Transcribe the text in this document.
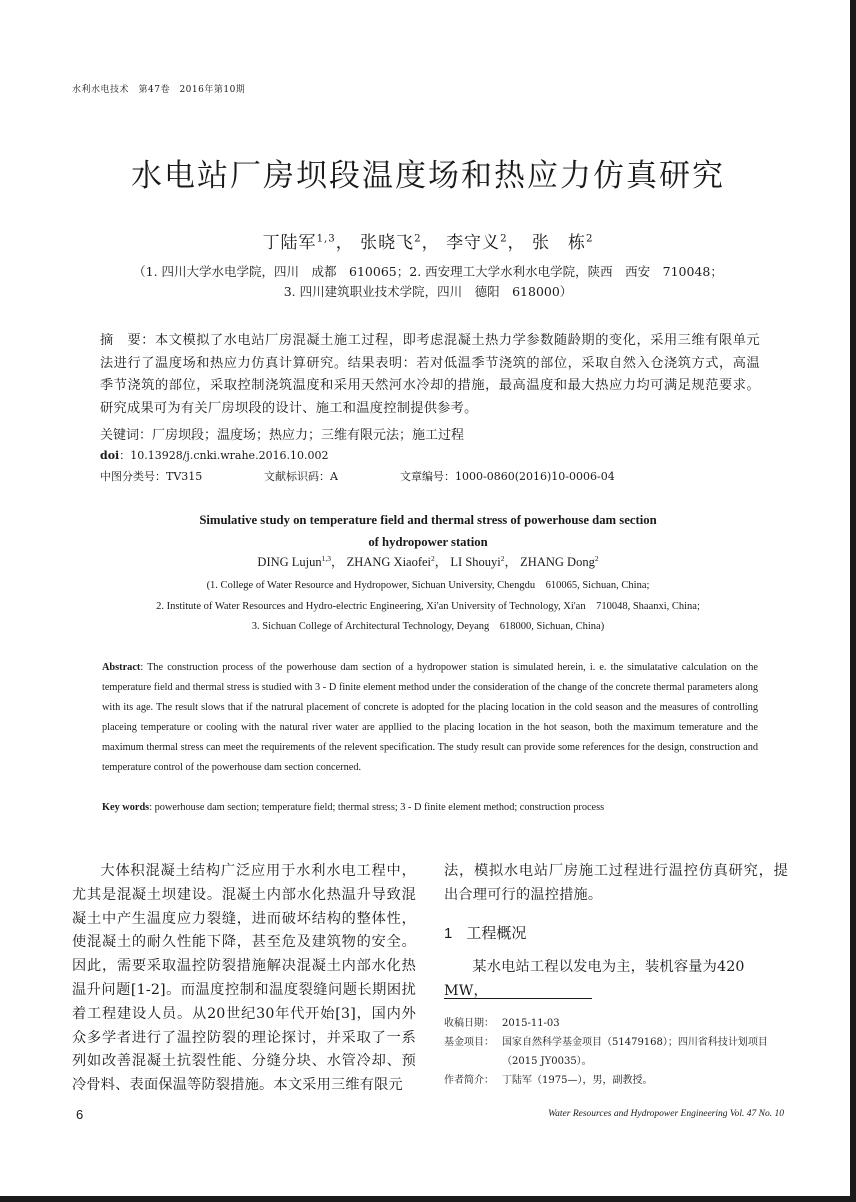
水利水电技术　第47卷　2016年第10期
水电站厂房坝段温度场和热应力仿真研究
丁陆军$^{1,3}$， 张晓飞$^2$， 李守义$^2$， 张　栋$^2$
（1. 四川大学水电学院，四川　成都　610065；2. 西安理工大学水利水电学院，陕西　西安　710048；
3. 四川建筑职业技术学院，四川　德阳　618000）
摘　要：本文模拟了水电站厂房混凝土施工过程，即考虑混凝土热力学参数随龄期的变化，采用三维有限单元法进行了温度场和热应力仿真计算研究。结果表明：若对低温季节浇筑的部位，采取自然入仓浇筑方式，高温季节浇筑的部位，采取控制浇筑温度和采用天然河水冷却的措施，最高温度和最大热应力均可满足规范要求。研究成果可为有关厂房坝段的设计、施工和温度控制提供参考。
关键词：厂房坝段；温度场；热应力；三维有限元法；施工过程
doi：10.13928/j.cnki.wrahe.2016.10.002
中图分类号：TV315	文献标识码：A	文章编号：1000-0860(2016)10-0006-04
Simulative study on temperature field and thermal stress of powerhouse dam section
of hydropower station
DING Lujun$^{1,3}$， ZHANG Xiaofei$^2$， LI Shouyi$^2$， ZHANG Dong$^2$
(1. College of Water Resource and Hydropower, Sichuan University, Chengdu　610065, Sichuan, China;
2. Institute of Water Resources and Hydro-electric Engineering, Xi'an University of Technology, Xi'an　710048, Shaanxi, China;
3. Sichuan College of Architectural Technology, Deyang　618000, Sichuan, China)
Abstract: The construction process of the powerhouse dam section of a hydropower station is simulated herein, i. e. the simulatative calculation on the temperature field and thermal stress is studied with 3 - D finite element method under the consideration of the change of the concrete thermal parameters along with its age. The result slows that if the natrural placement of concrete is adopted for the placing location in the cold season and the measures of controlling placeing temperature or cooling with the natural river water are appllied to the placing location in the hot season, both the maximum temerature and the maximum thermal stress can meet the requirements of the relevent specification. The study result can provide some references for the design, construction and temperature control of the powerhouse dam section concerned.
Key words: powerhouse dam section; temperature field; thermal stress; 3 - D finite element method; construction process
大体积混凝土结构广泛应用于水利水电工程中，尤其是混凝土坝建设。混凝土内部水化热温升导致混凝土中产生温度应力裂缝，进而破坏结构的整体性，使混凝土的耐久性能下降，甚至危及建筑物的安全。因此，需要采取温控防裂措施解决混凝土内部水化热温升问题[1-2]。而温度控制和温度裂缝问题长期困扰着工程建设人员。从20世纪30年代开始[3]，国内外众多学者进行了温控防裂的理论探讨，并采取了一系列如改善混凝土抗裂性能、分缝分块、水管冷却、预冷骨料、表面保温等防裂措施。本文采用三维有限元
法，模拟水电站厂房施工过程进行温控仿真研究，提出合理可行的温控措施。
1 工程概况
某水电站工程以发电为主，装机容量为420 MW，
收稿日期： 2015-11-03
基金项目： 国家自然科学基金项目（51479168）；四川省科技计划项目（2015 JY0035）。
作者简介： 丁陆军（1975—），男，副教授。
6	Water Resources and Hydropower Engineering Vol. 47 No. 10
